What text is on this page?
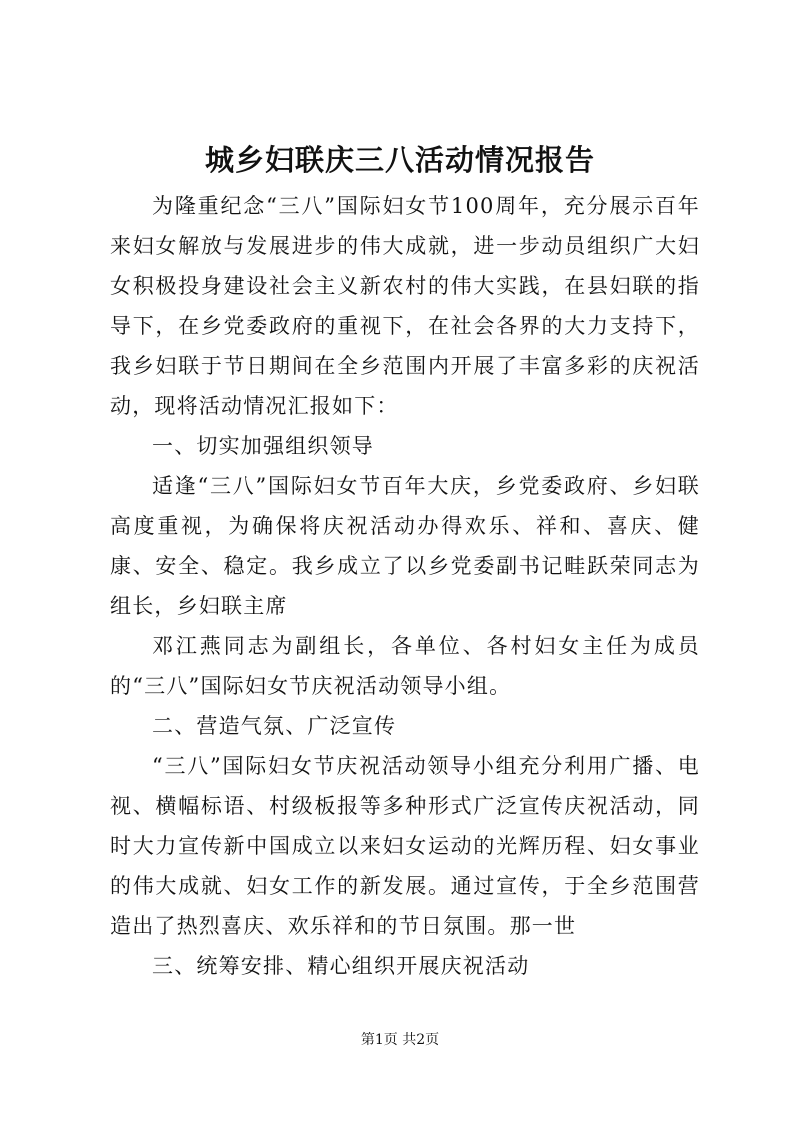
城乡妇联庆三八活动情况报告

为隆重纪念“三八”国际妇女节100周年，充分展示百年来妇女解放与发展进步的伟大成就，进一步动员组织广大妇女积极投身建设社会主义新农村的伟大实践，在县妇联的指导下，在乡党委政府的重视下，在社会各界的大力支持下，我乡妇联于节日期间在全乡范围内开展了丰富多彩的庆祝活动，现将活动情况汇报如下：

一、切实加强组织领导

适逢“三八”国际妇女节百年大庆，乡党委政府、乡妇联高度重视，为确保将庆祝活动办得欢乐、祥和、喜庆、健康、安全、稳定。我乡成立了以乡党委副书记畦跃荣同志为组长，乡妇联主席

邓江燕同志为副组长，各单位、各村妇女主任为成员的“三八”国际妇女节庆祝活动领导小组。

二、营造气氛、广泛宣传

“三八”国际妇女节庆祝活动领导小组充分利用广播、电视、横幅标语、村级板报等多种形式广泛宣传庆祝活动，同时大力宣传新中国成立以来妇女运动的光辉历程、妇女事业的伟大成就、妇女工作的新发展。通过宣传，于全乡范围营造出了热烈喜庆、欢乐祥和的节日氛围。那一世

三、统筹安排、精心组织开展庆祝活动

第1页 共2页
